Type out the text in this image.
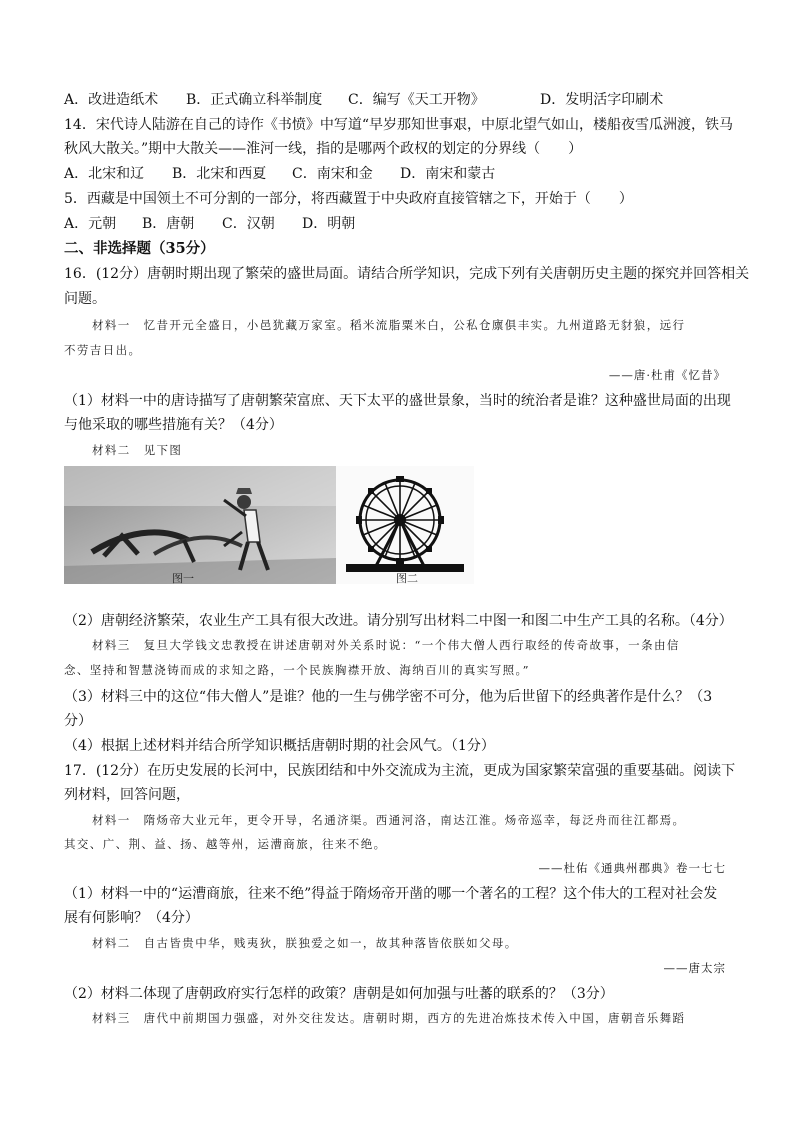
A．改进造纸术 B．正式确立科举制度 C．编写《天工开物》	D．发明活字印刷术
14．宋代诗人陆游在自己的诗作《书愤》中写道“早岁那知世事艰，中原北望气如山，楼船夜雪瓜洲渡，铁马
秋风大散关。”期中大散关——淮河一线，指的是哪两个政权的划定的分界线（　　）
A．北宋和辽 B．北宋和西夏 C．南宋和金 D．南宋和蒙古
5．西藏是中国领土不可分割的一部分，将西藏置于中央政府直接管辖之下，开始于（　　）
A．元朝 B．唐朝 C．汉朝 D．明朝
二、非选择题（35分）
16．(12分）唐朝时期出现了繁荣的盛世局面。请结合所学知识，完成下列有关唐朝历史主题的探究并回答相关
问题。
材料一　忆昔开元全盛日，小邑犹藏万家室。稻米流脂粟米白，公私仓廪俱丰实。九州道路无豺狼，远行
不劳吉日出。
——唐·杜甫《忆昔》
（1）材料一中的唐诗描写了唐朝繁荣富庶、天下太平的盛世景象，当时的统治者是谁？这种盛世局面的出现
与他采取的哪些措施有关？（4分）
材料二　见下图
图一	图二
（2）唐朝经济繁荣，农业生产工具有很大改进。请分别写出材料二中图一和图二中生产工具的名称。（4分）
材料三　复旦大学钱文忠教授在讲述唐朝对外关系时说：“一个伟大僧人西行取经的传奇故事，一条由信
念、坚持和智慧浇铸而成的求知之路，一个民族胸襟开放、海纳百川的真实写照。”
（3）材料三中的这位“伟大僧人”是谁？他的一生与佛学密不可分，他为后世留下的经典著作是什么？（3
分）
（4）根据上述材料并结合所学知识概括唐朝时期的社会风气。（1分）
17．(12分）在历史发展的长河中，民族团结和中外交流成为主流，更成为国家繁荣富强的重要基础。阅读下
列材料，回答问题，
材料一　隋炀帝大业元年，更令开导，名通济渠。西通河洛，南达江淮。炀帝巡幸，每泛舟而往江都焉。
其交、广、荆、益、扬、越等州，运漕商旅，往来不绝。
——杜佑《通典州郡典》卷一七七
（1）材料一中的“运漕商旅，往来不绝”得益于隋炀帝开凿的哪一个著名的工程？这个伟大的工程对社会发
展有何影响？（4分）
材料二　自古皆贵中华，贱夷狄，朕独爱之如一，故其种落皆依朕如父母。
——唐太宗
（2）材料二体现了唐朝政府实行怎样的政策？唐朝是如何加强与吐蕃的联系的？（3分）
材料三　唐代中前期国力强盛，对外交往发达。唐朝时期，西方的先进冶炼技术传入中国，唐朝音乐舞蹈
